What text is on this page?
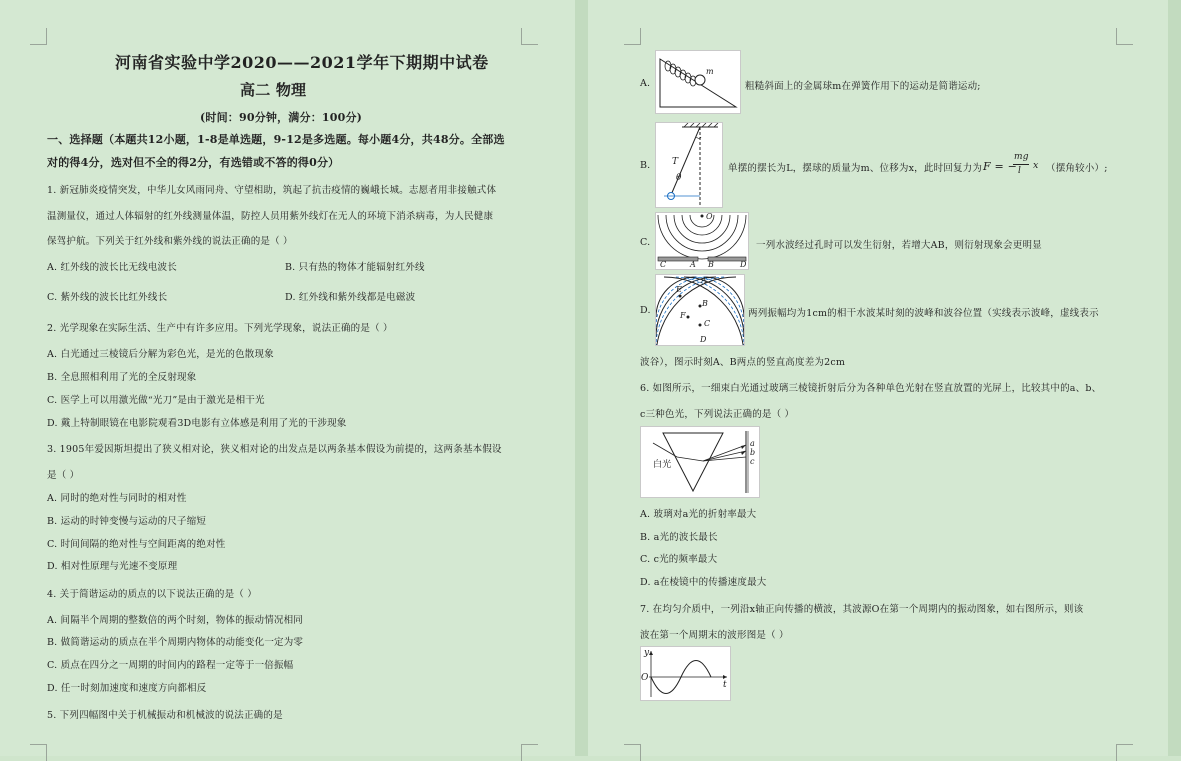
河南省实验中学2020——2021学年下期期中试卷
高二 物理
(时间：90分钟，满分：100分)
一、选择题（本题共12小题，1-8是单选题，9-12是多选题。每小题4分，共48分。全部选
对的得4分，选对但不全的得2分，有选错或不答的得0分）
1. 新冠肺炎疫情突发，中华儿女风雨同舟、守望相助，筑起了抗击疫情的巍峨长城。志愿者用非接触式体
温测量仪，通过人体辐射的红外线测量体温，防控人员用紫外线灯在无人的环境下消杀病毒，为人民健康
保驾护航。下列关于红外线和紫外线的说法正确的是（ ）
A. 红外线的波长比无线电波长	B. 只有热的物体才能辐射红外线
C. 紫外线的波长比红外线长	D. 红外线和紫外线都是电磁波
2. 光学现象在实际生活、生产中有许多应用。下列光学现象，说法正确的是（ ）
A. 白光通过三棱镜后分解为彩色光，是光的色散现象
B. 全息照相利用了光的全反射现象
C. 医学上可以用激光做“光刀”是由于激光是相干光
D. 戴上特制眼镜在电影院观看3D电影有立体感是利用了光的干涉现象
3. 1905年爱因斯坦提出了狭义相对论，狭义相对论的出发点是以两条基本假设为前提的，这两条基本假设
是（ ）
A. 同时的绝对性与同时的相对性
B. 运动的时钟变慢与运动的尺子缩短
C. 时间间隔的绝对性与空间距离的绝对性
D. 相对性原理与光速不变原理
4. 关于简谐运动的质点的以下说法正确的是（ ）
A. 间隔半个周期的整数倍的两个时刻，物体的振动情况相同
B. 做简谐运动的质点在半个周期内物体的动能变化一定为零
C. 质点在四分之一周期的时间内的路程一定等于一倍振幅
D. 任一时刻加速度和速度方向都相反
5. 下列四幅图中关于机械振动和机械波的说法正确的是
A.
m
粗糙斜面上的金属球m在弹簧作用下的运动是简谐运动;
B. T
θ
单摆的摆长为L，摆球的质量为m、位移为x，此时回复力为 F = −
mg
l x （摆角较小）;
C.
O
C	A B	D
一列水波经过孔时可以发生衍射，若增大AB，则衍射现象会更明显
D.
E
A
B
F
C
D
两列振幅均为1cm的相干水波某时刻的波峰和波谷位置（实线表示波峰，虚线表示
波谷），图示时刻A、B两点的竖直高度差为2cm
6. 如图所示，一细束白光通过玻璃三棱镜折射后分为各种单色光射在竖直放置的光屏上，比较其中的a、b、
c三种色光，下列说法正确的是（ ）
白光
a
b
c
A. 玻璃对a光的折射率最大
B. a光的波长最长
C. c光的频率最大
D. a在棱镜中的传播速度最大
7. 在均匀介质中，一列沿x轴正向传播的横波，其波源O在第一个周期内的振动图象，如右图所示，则该
波在第一个周期末的波形图是（ ）
y
O
t
